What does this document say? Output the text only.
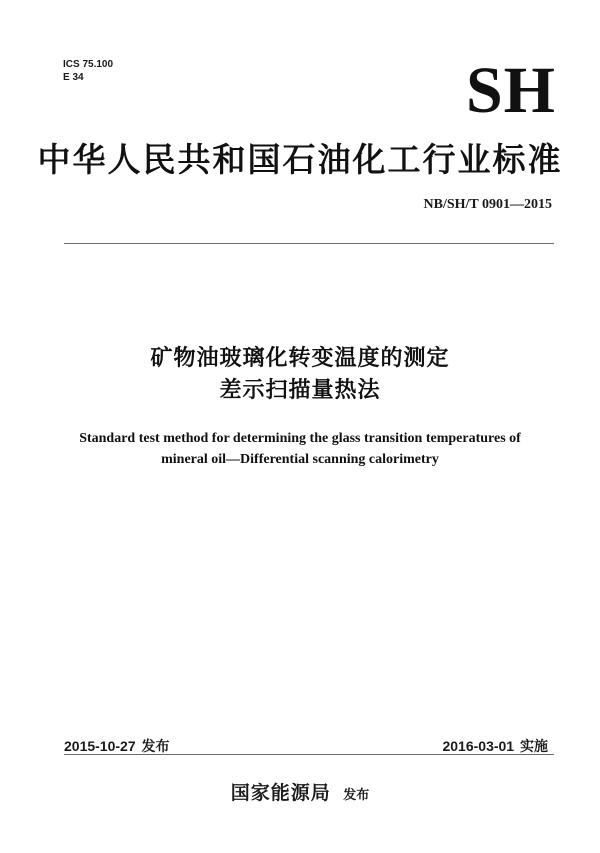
ICS 75.100
E 34	SH
中华人民共和国石油化工行业标准
NB/SH/T 0901—2015
矿物油玻璃化转变温度的测定
差示扫描量热法
Standard test method for determining the glass transition temperatures of
mineral oil—Differential scanning calorimetry
2015-10-27 发布	2016-03-01 实施
国家能源局 发布
